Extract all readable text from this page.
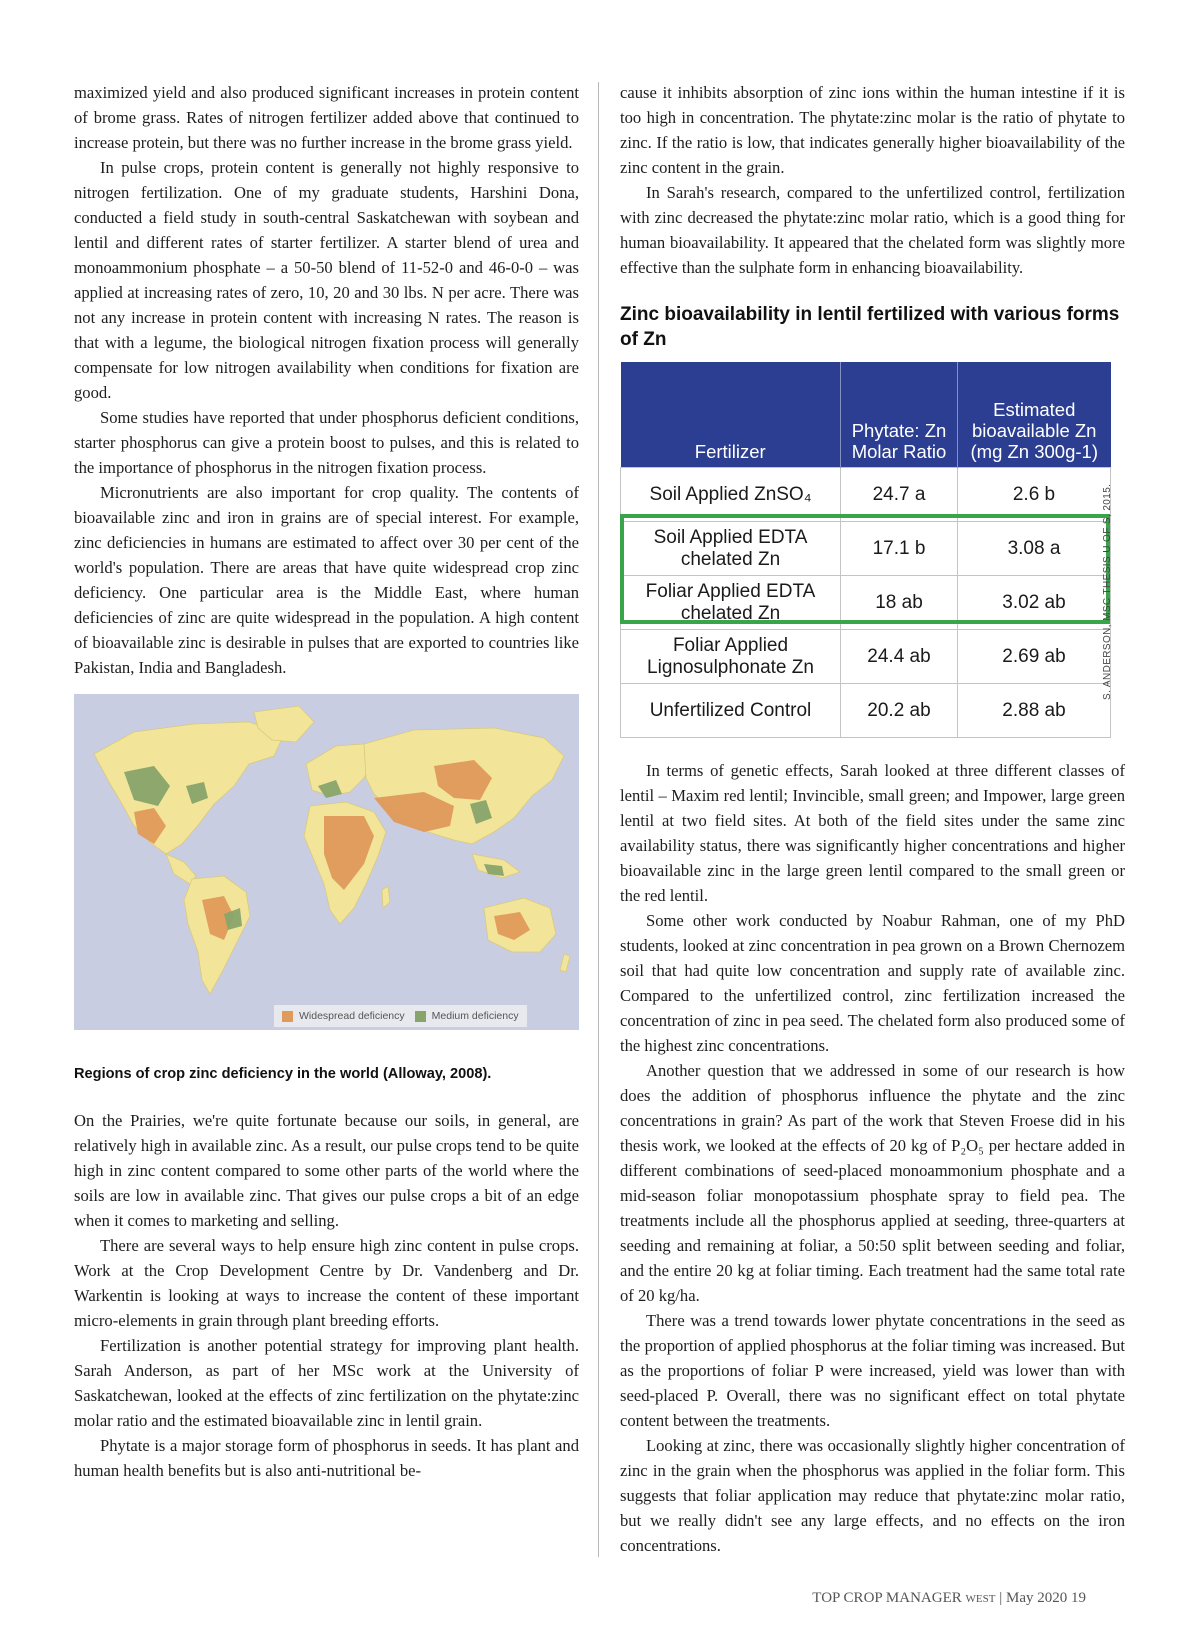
maximized yield and also produced significant increases in protein content of brome grass. Rates of nitrogen fertilizer added above that continued to increase protein, but there was no further increase in the brome grass yield.

In pulse crops, protein content is generally not highly responsive to nitrogen fertilization. One of my graduate students, Harshini Dona, conducted a field study in south-central Saskatchewan with soybean and lentil and different rates of starter fertilizer. A starter blend of urea and monoammonium phosphate – a 50-50 blend of 11-52-0 and 46-0-0 – was applied at increasing rates of zero, 10, 20 and 30 lbs. N per acre. There was not any increase in protein content with increasing N rates. The reason is that with a legume, the biological nitrogen fixation process will generally compensate for low nitrogen availability when conditions for fixation are good.

Some studies have reported that under phosphorus deficient conditions, starter phosphorus can give a protein boost to pulses, and this is related to the importance of phosphorus in the nitrogen fixation process.

Micronutrients are also important for crop quality. The contents of bioavailable zinc and iron in grains are of special interest. For example, zinc deficiencies in humans are estimated to affect over 30 per cent of the world's population. There are areas that have quite widespread crop zinc deficiency. One particular area is the Middle East, where human deficiencies of zinc are quite widespread in the population. A high content of bioavailable zinc is desirable in pulses that are exported to countries like Pakistan, India and Bangladesh.

Widespread deficiency	Medium deficiency
Regions of crop zinc deficiency in the world (Alloway, 2008).

On the Prairies, we're quite fortunate because our soils, in general, are relatively high in available zinc. As a result, our pulse crops tend to be quite high in zinc content compared to some other parts of the world where the soils are low in available zinc. That gives our pulse crops a bit of an edge when it comes to marketing and selling.

There are several ways to help ensure high zinc content in pulse crops. Work at the Crop Development Centre by Dr. Vandenberg and Dr. Warkentin is looking at ways to increase the content of these important micro-elements in grain through plant breeding efforts.

Fertilization is another potential strategy for improving plant health. Sarah Anderson, as part of her MSc work at the University of Saskatchewan, looked at the effects of zinc fertilization on the phytate:zinc molar ratio and the estimated bioavailable zinc in lentil grain.

Phytate is a major storage form of phosphorus in seeds. It has plant and human health benefits but is also anti-nutritional be-

cause it inhibits absorption of zinc ions within the human intestine if it is too high in concentration. The phytate:zinc molar is the ratio of phytate to zinc. If the ratio is low, that indicates generally higher bioavailability of the zinc content in the grain.

In Sarah's research, compared to the unfertilized control, fertilization with zinc decreased the phytate:zinc molar ratio, which is a good thing for human bioavailability. It appeared that the chelated form was slightly more effective than the sulphate form in enhancing bioavailability.

Zinc bioavailability in lentil fertilized with various forms of Zn
Fertilizer	Phytate: Zn Molar Ratio	Estimated bioavailable Zn (mg Zn 300g-1)
Soil Applied ZnSO₄	24.7 a	2.6 b
Soil Applied EDTA chelated Zn	17.1 b	3.08 a
Foliar Applied EDTA chelated Zn	18 ab	3.02 ab
Foliar Applied Lignosulphonate Zn	24.4 ab	2.69 ab
Unfertilized Control	20.2 ab	2.88 ab

In terms of genetic effects, Sarah looked at three different classes of lentil – Maxim red lentil; Invincible, small green; and Impower, large green lentil at two field sites. At both of the field sites under the same zinc availability status, there was significantly higher concentrations and higher bioavailable zinc in the large green lentil compared to the small green or the red lentil.

Some other work conducted by Noabur Rahman, one of my PhD students, looked at zinc concentration in pea grown on a Brown Chernozem soil that had quite low concentration and supply rate of available zinc. Compared to the unfertilized control, zinc fertilization increased the concentration of zinc in pea seed. The chelated form also produced some of the highest zinc concentrations.

Another question that we addressed in some of our research is how does the addition of phosphorus influence the phytate and the zinc concentrations in grain? As part of the work that Steven Froese did in his thesis work, we looked at the effects of 20 kg of P₂O₅ per hectare added in different combinations of seed-placed monoammonium phosphate and a mid-season foliar monopotassium phosphate spray to field pea. The treatments include all the phosphorus applied at seeding, three-quarters at seeding and remaining at foliar, a 50:50 split between seeding and foliar, and the entire 20 kg at foliar timing. Each treatment had the same total rate of 20 kg/ha.

There was a trend towards lower phytate concentrations in the seed as the proportion of applied phosphorus at the foliar timing was increased. But as the proportions of foliar P were increased, yield was lower than with seed-placed P. Overall, there was no significant effect on total phytate content between the treatments.

Looking at zinc, there was occasionally slightly higher concentration of zinc in the grain when the phosphorus was applied in the foliar form. This suggests that foliar application may reduce that phytate:zinc molar ratio, but we really didn't see any large effects, and no effects on the iron concentrations.

S. ANDERSON, MSC THESIS U OF S, 2015.
TOP CROP MANAGER WEST | May 2020 19
